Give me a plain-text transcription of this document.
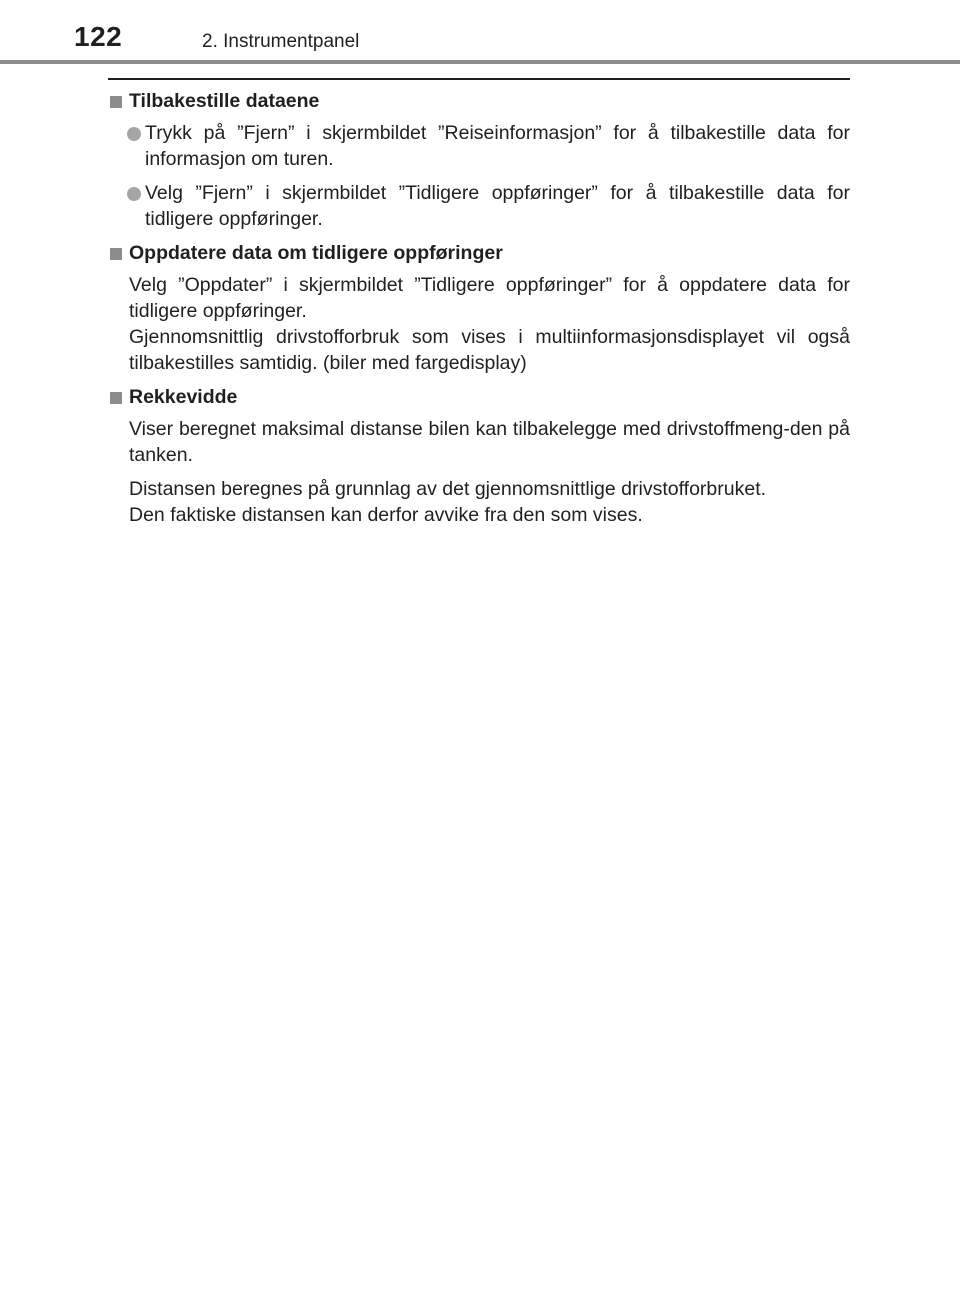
122	2. Instrumentpanel

Tilbakestille dataene

Trykk på ”Fjern” i skjermbildet ”Reiseinformasjon” for å tilbakestille data for informasjon om turen.

Velg ”Fjern” i skjermbildet ”Tidligere oppføringer” for å tilbakestille data for tidligere oppføringer.

Oppdatere data om tidligere oppføringer

Velg ”Oppdater” i skjermbildet ”Tidligere oppføringer” for å oppdatere data for tidligere oppføringer.

Gjennomsnittlig drivstofforbruk som vises i multiinformasjonsdisplayet vil også tilbakestilles samtidig. (biler med fargedisplay)

Rekkevidde

Viser beregnet maksimal distanse bilen kan tilbakelegge med drivstoffmeng-den på tanken.

Distansen beregnes på grunnlag av det gjennomsnittlige drivstofforbruket.

Den faktiske distansen kan derfor avvike fra den som vises.
